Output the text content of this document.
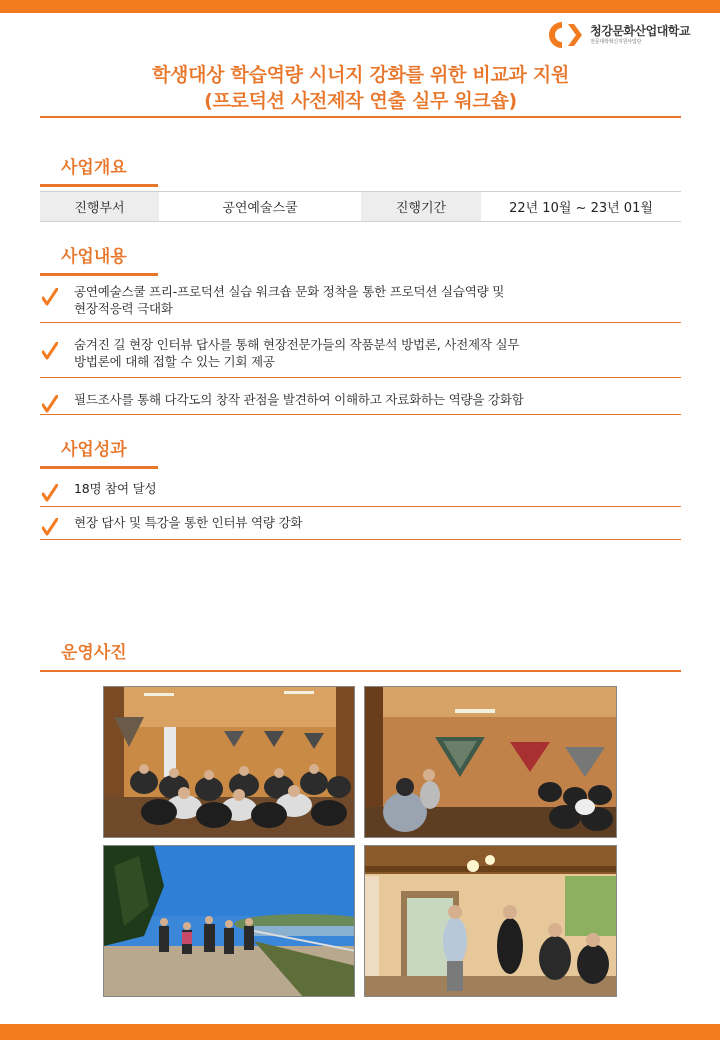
청강문화산업대학교
전문대학혁신지원사업단
학생대상 학습역량 시너지 강화를 위한 비교과 지원
(프로덕션 사전제작 연출 실무 워크숍)
사업개요
진행부서	공연예술스쿨	진행기간	22년 10월 ~ 23년 01월
사업내용
공연예술스쿨 프리-프로덕션 실습 워크숍 문화 정착을 통한 프로덕션 실습역량 및
현장적응력 극대화
숨겨진 길 현장 인터뷰 답사를 통해 현장전문가들의 작품분석 방법론, 사전제작 실무
방법론에 대해 접할 수 있는 기회 제공
필드조사를 통해 다각도의 창작 관점을 발견하여 이해하고 자료화하는 역량을 강화함
사업성과
18명 참여 달성
현장 답사 및 특강을 통한 인터뷰 역량 강화
운영사진
